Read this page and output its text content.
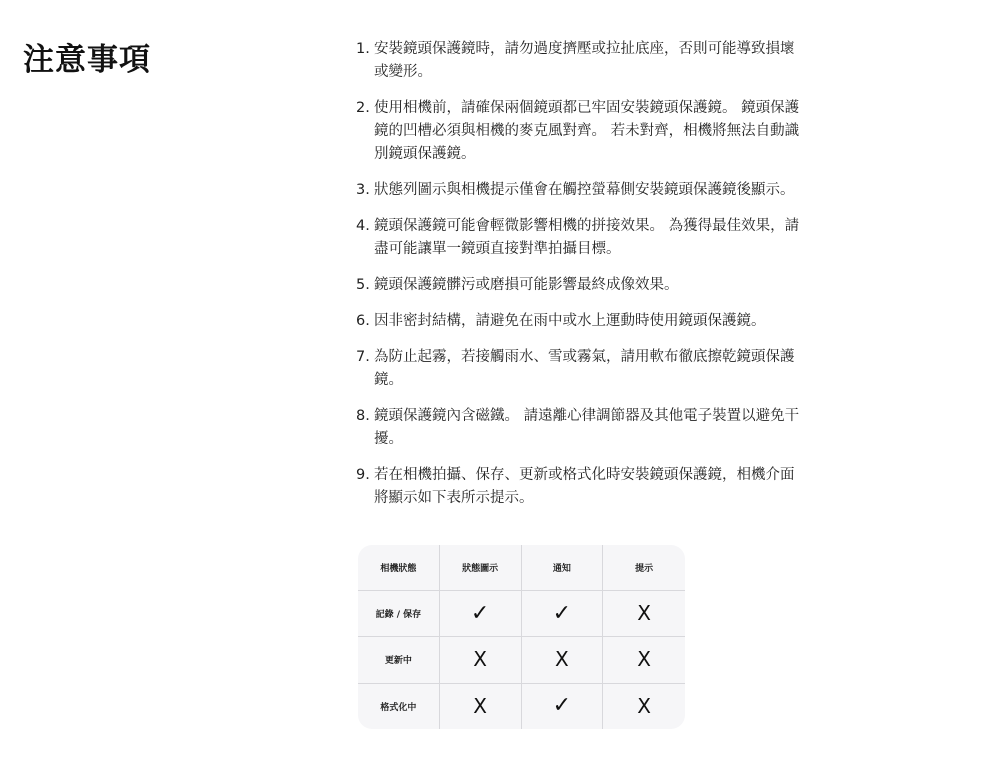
注意事項	1. 安裝鏡頭保護鏡時，請勿過度擠壓或拉扯底座，否則可能導致損壞或變形。
2. 使用相機前，請確保兩個鏡頭都已牢固安裝鏡頭保護鏡。 鏡頭保護鏡的凹槽必須與相機的麥克風對齊。 若未對齊，相機將無法自動識別鏡頭保護鏡。
3. 狀態列圖示與相機提示僅會在觸控螢幕側安裝鏡頭保護鏡後顯示。
4. 鏡頭保護鏡可能會輕微影響相機的拼接效果。 為獲得最佳效果，請盡可能讓單一鏡頭直接對準拍攝目標。
5. 鏡頭保護鏡髒污或磨損可能影響最終成像效果。
6. 因非密封結構，請避免在雨中或水上運動時使用鏡頭保護鏡。
7. 為防止起霧，若接觸雨水、雪或霧氣，請用軟布徹底擦乾鏡頭保護鏡。
8. 鏡頭保護鏡內含磁鐵。 請遠離心律調節器及其他電子裝置以避免干擾。
9. 若在相機拍攝、保存、更新或格式化時安裝鏡頭保護鏡，相機介面將顯示如下表所示提示。
相機狀態	狀態圖示	通知	提示
記錄 / 保存	✓	✓	X
更新中	X	X	X
格式化中	X	✓	X
